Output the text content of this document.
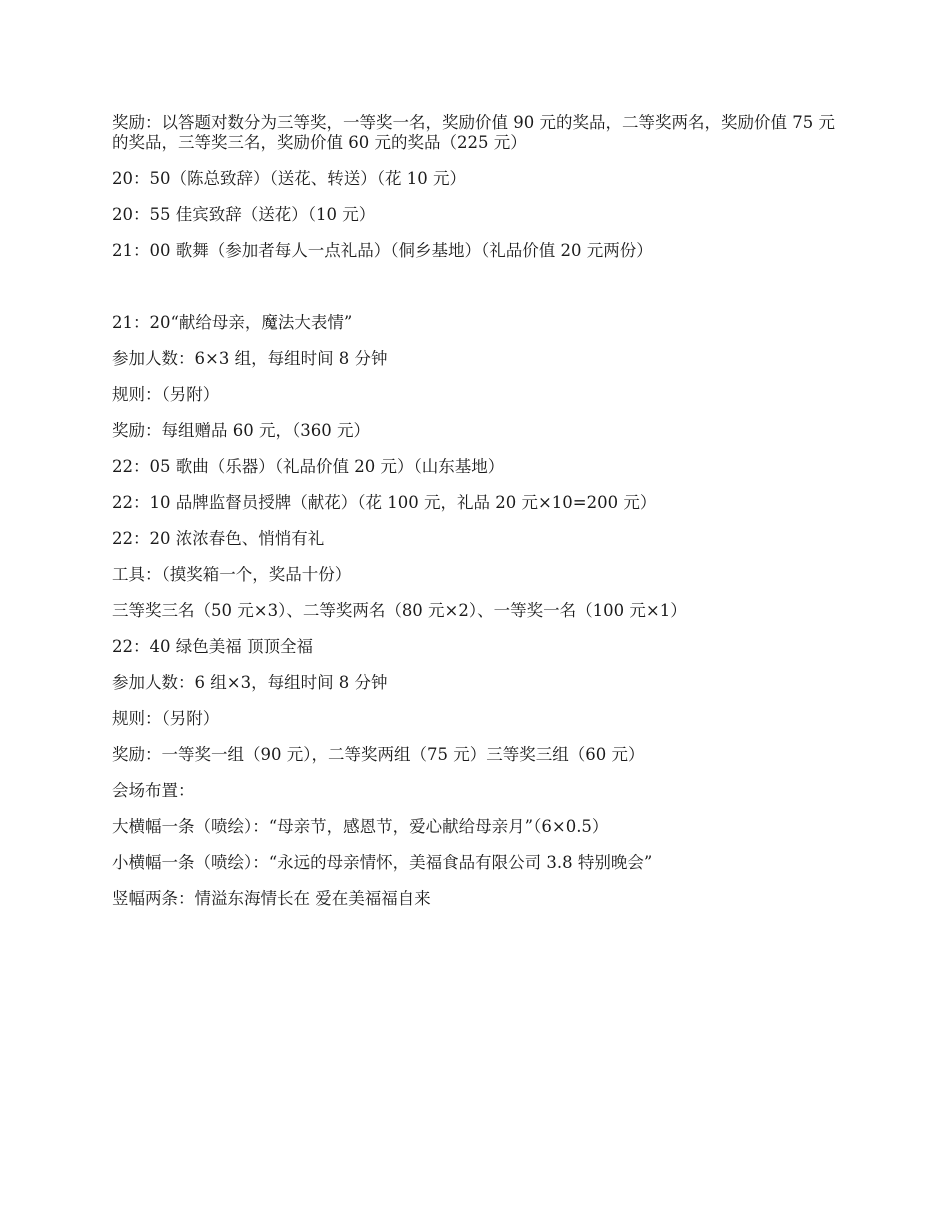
奖励：以答题对数分为三等奖，一等奖一名，奖励价值 90 元的奖品，二等奖两名，奖励价值 75 元的奖品，三等奖三名，奖励价值 60 元的奖品（225 元）

20：50（陈总致辞）（送花、转送）（花 10 元）

20：55 佳宾致辞（送花）（10 元）

21：00 歌舞（参加者每人一点礼品）（侗乡基地）（礼品价值 20 元两份）

21：20“献给母亲，魔法大表情”

参加人数：6×3 组，每组时间 8 分钟

规则：（另附）

奖励：每组赠品 60 元，（360 元）

22：05 歌曲（乐器）（礼品价值 20 元）（山东基地）

22：10 品牌监督员授牌（献花）（花 100 元，礼品 20 元×10=200 元）

22：20 浓浓春色、悄悄有礼

工具：（摸奖箱一个，奖品十份）

三等奖三名（50 元×3）、二等奖两名（80 元×2）、一等奖一名（100 元×1）

22：40 绿色美福 顶顶全福

参加人数：6 组×3，每组时间 8 分钟

规则：（另附）

奖励：一等奖一组（90 元），二等奖两组（75 元）三等奖三组（60 元）

会场布置：

大横幅一条（喷绘）：“母亲节，感恩节，爱心献给母亲月”（6×0.5）

小横幅一条（喷绘）：“永远的母亲情怀，美福食品有限公司 3.8 特别晚会”

竖幅两条：情溢东海情长在 爱在美福福自来
